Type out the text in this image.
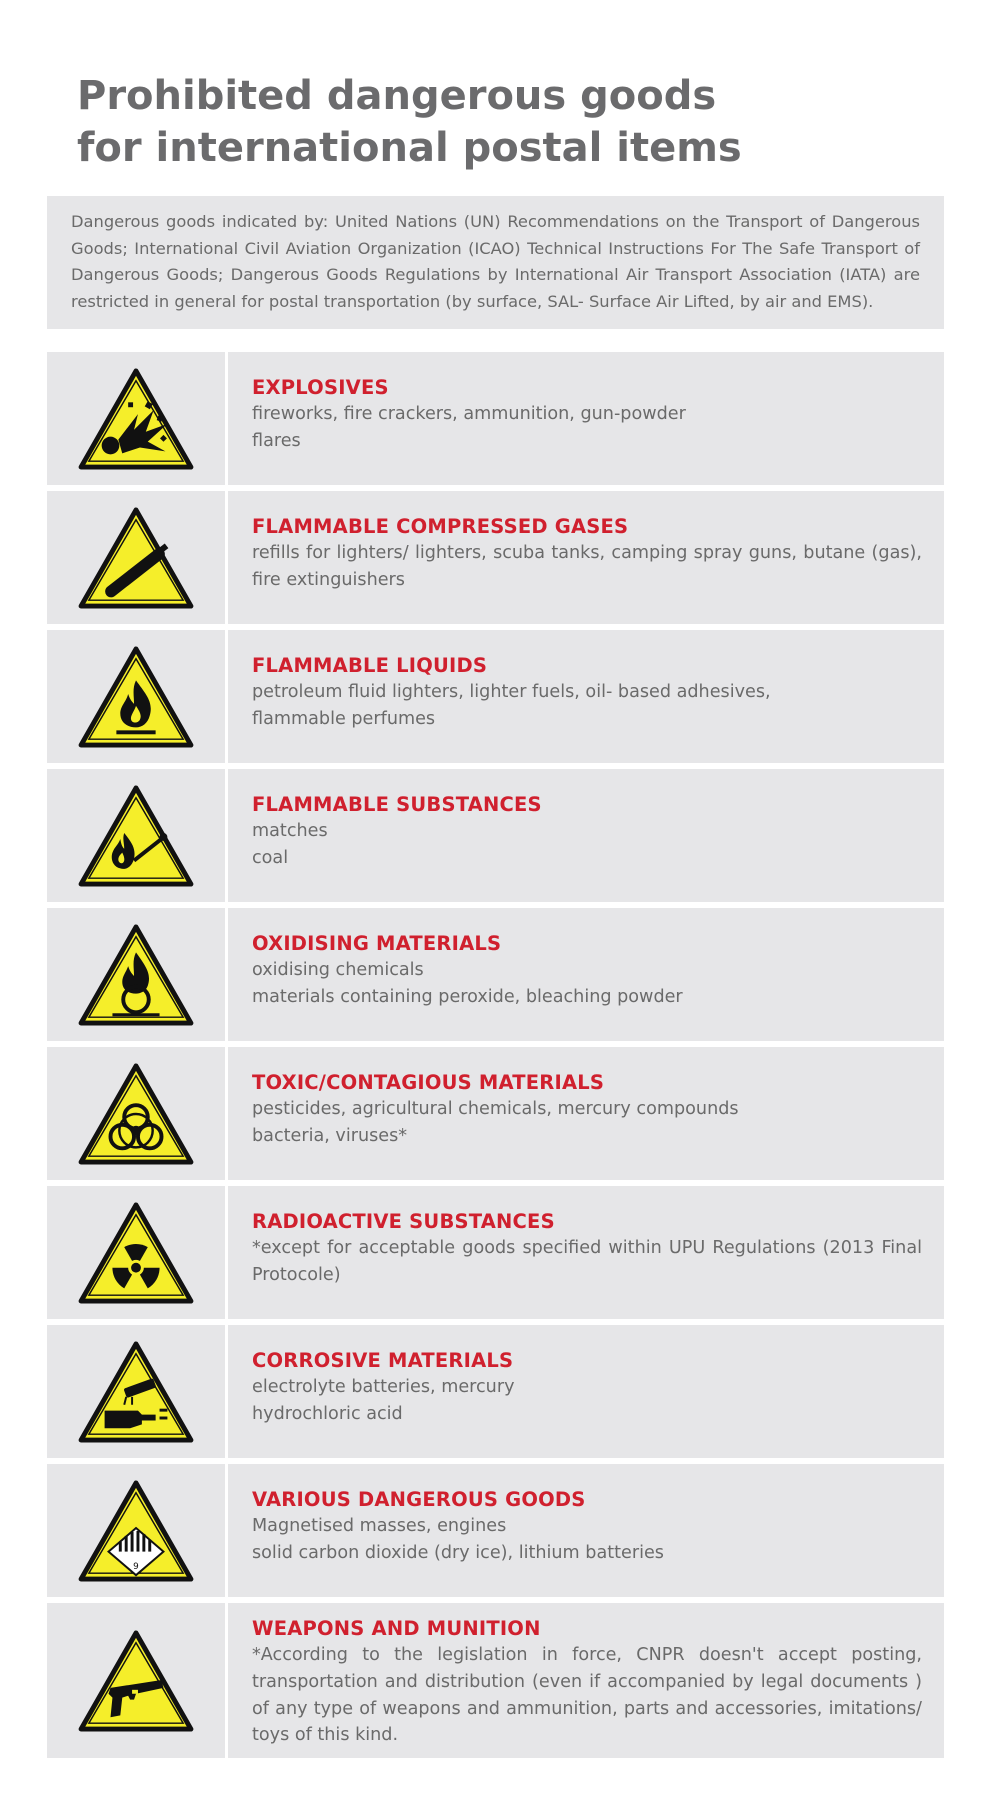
Prohibited dangerous goods
for international postal items
Dangerous goods indicated by: United Nations (UN) Recommendations on the Transport of Dangerous Goods; International Civil Aviation Organization (ICAO) Technical Instructions For The Safe Transport of Dangerous Goods; Dangerous Goods Regulations by International Air Transport Association (IATA) are restricted in general for postal transportation (by surface, SAL- Surface Air Lifted, by air and EMS).
EXPLOSIVES
fireworks, fire crackers, ammunition, gun-powder
flares
FLAMMABLE COMPRESSED GASES
refills for lighters/ lighters, scuba tanks, camping spray guns, butane (gas), fire extinguishers
FLAMMABLE LIQUIDS
petroleum fluid lighters, lighter fuels, oil- based adhesives,
flammable perfumes
FLAMMABLE SUBSTANCES
matches
coal
OXIDISING MATERIALS
oxidising chemicals
materials containing peroxide, bleaching powder
TOXIC/CONTAGIOUS MATERIALS
pesticides, agricultural chemicals, mercury compounds
bacteria, viruses*
RADIOACTIVE SUBSTANCES
*except for acceptable goods specified within UPU Regulations (2013 Final Protocole)
CORROSIVE MATERIALS
electrolyte batteries, mercury
hydrochloric acid
9
VARIOUS DANGEROUS GOODS
Magnetised masses, engines
solid carbon dioxide (dry ice), lithium batteries
WEAPONS AND MUNITION
*According to the legislation in force, CNPR doesn't accept posting, transportation and distribution (even if accompanied by legal documents ) of any type of weapons and ammunition, parts and accessories, imitations/ toys of this kind.
